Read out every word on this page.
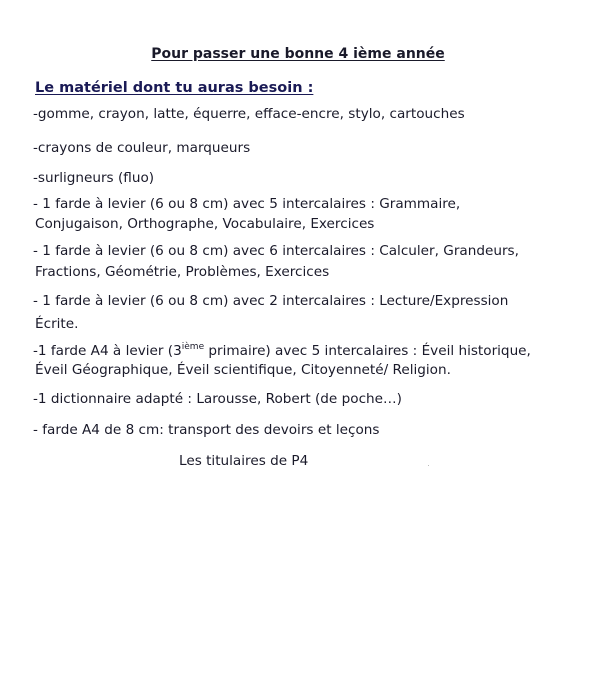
Pour passer une bonne 4 ième année
Le matériel dont tu auras besoin :
-gomme, crayon, latte, équerre, efface-encre, stylo, cartouches
-crayons de couleur, marqueurs
-surligneurs (fluo)
- 1 farde à levier (6 ou 8 cm) avec 5 intercalaires : Grammaire,
Conjugaison, Orthographe, Vocabulaire, Exercices
- 1 farde à levier (6 ou 8 cm) avec 6 intercalaires : Calculer, Grandeurs,
Fractions, Géométrie, Problèmes, Exercices
- 1 farde à levier (6 ou 8 cm) avec 2 intercalaires : Lecture/Expression
Écrite.
-1 farde A4 à levier (3ième primaire) avec 5 intercalaires : Éveil historique,
Éveil Géographique, Éveil scientifique, Citoyenneté/ Religion.
-1 dictionnaire adapté : Larousse, Robert (de poche…)
- farde A4 de 8 cm: transport des devoirs et leçons
Les titulaires de P4
